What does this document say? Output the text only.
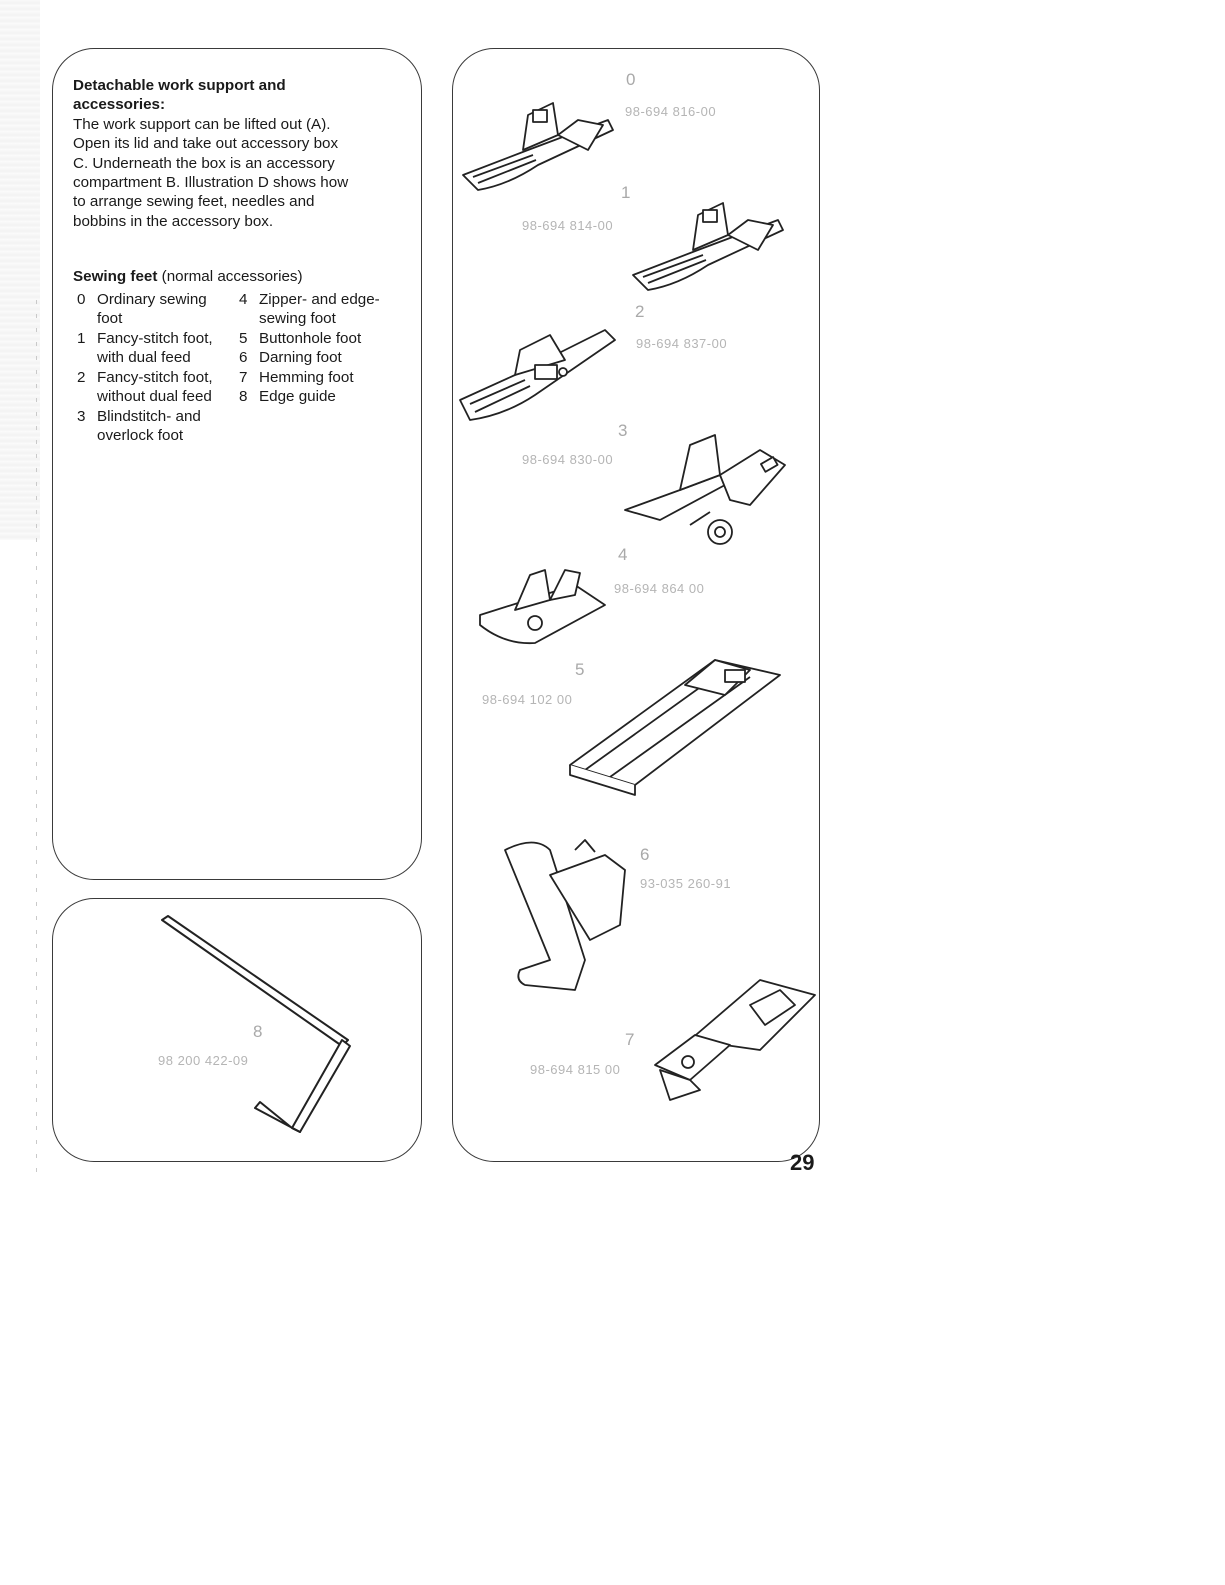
Detachable work support and
accessories:
The work support can be lifted out (A).
Open its lid and take out accessory box
C. Underneath the box is an accessory
compartment B. Illustration D shows how
to arrange sewing feet, needles and
bobbins in the accessory box.
Sewing feet (normal accessories)
0 Ordinary sewing
foot
1 Fancy-stitch foot,
with dual feed
2 Fancy-stitch foot,
without dual feed
3 Blindstitch- and
overlock foot
4 Zipper- and edge-
sewing foot
5 Buttonhole foot
6 Darning foot
7 Hemming foot
8 Edge guide
8
98 200 422-09
0
98-694 816-00
1
98-694 814-00
2
98-694 837-00
3
98-694 830-00
4
98-694 864 00
5
98-694 102 00
6
93-035 260-91
7
98-694 815 00
29
